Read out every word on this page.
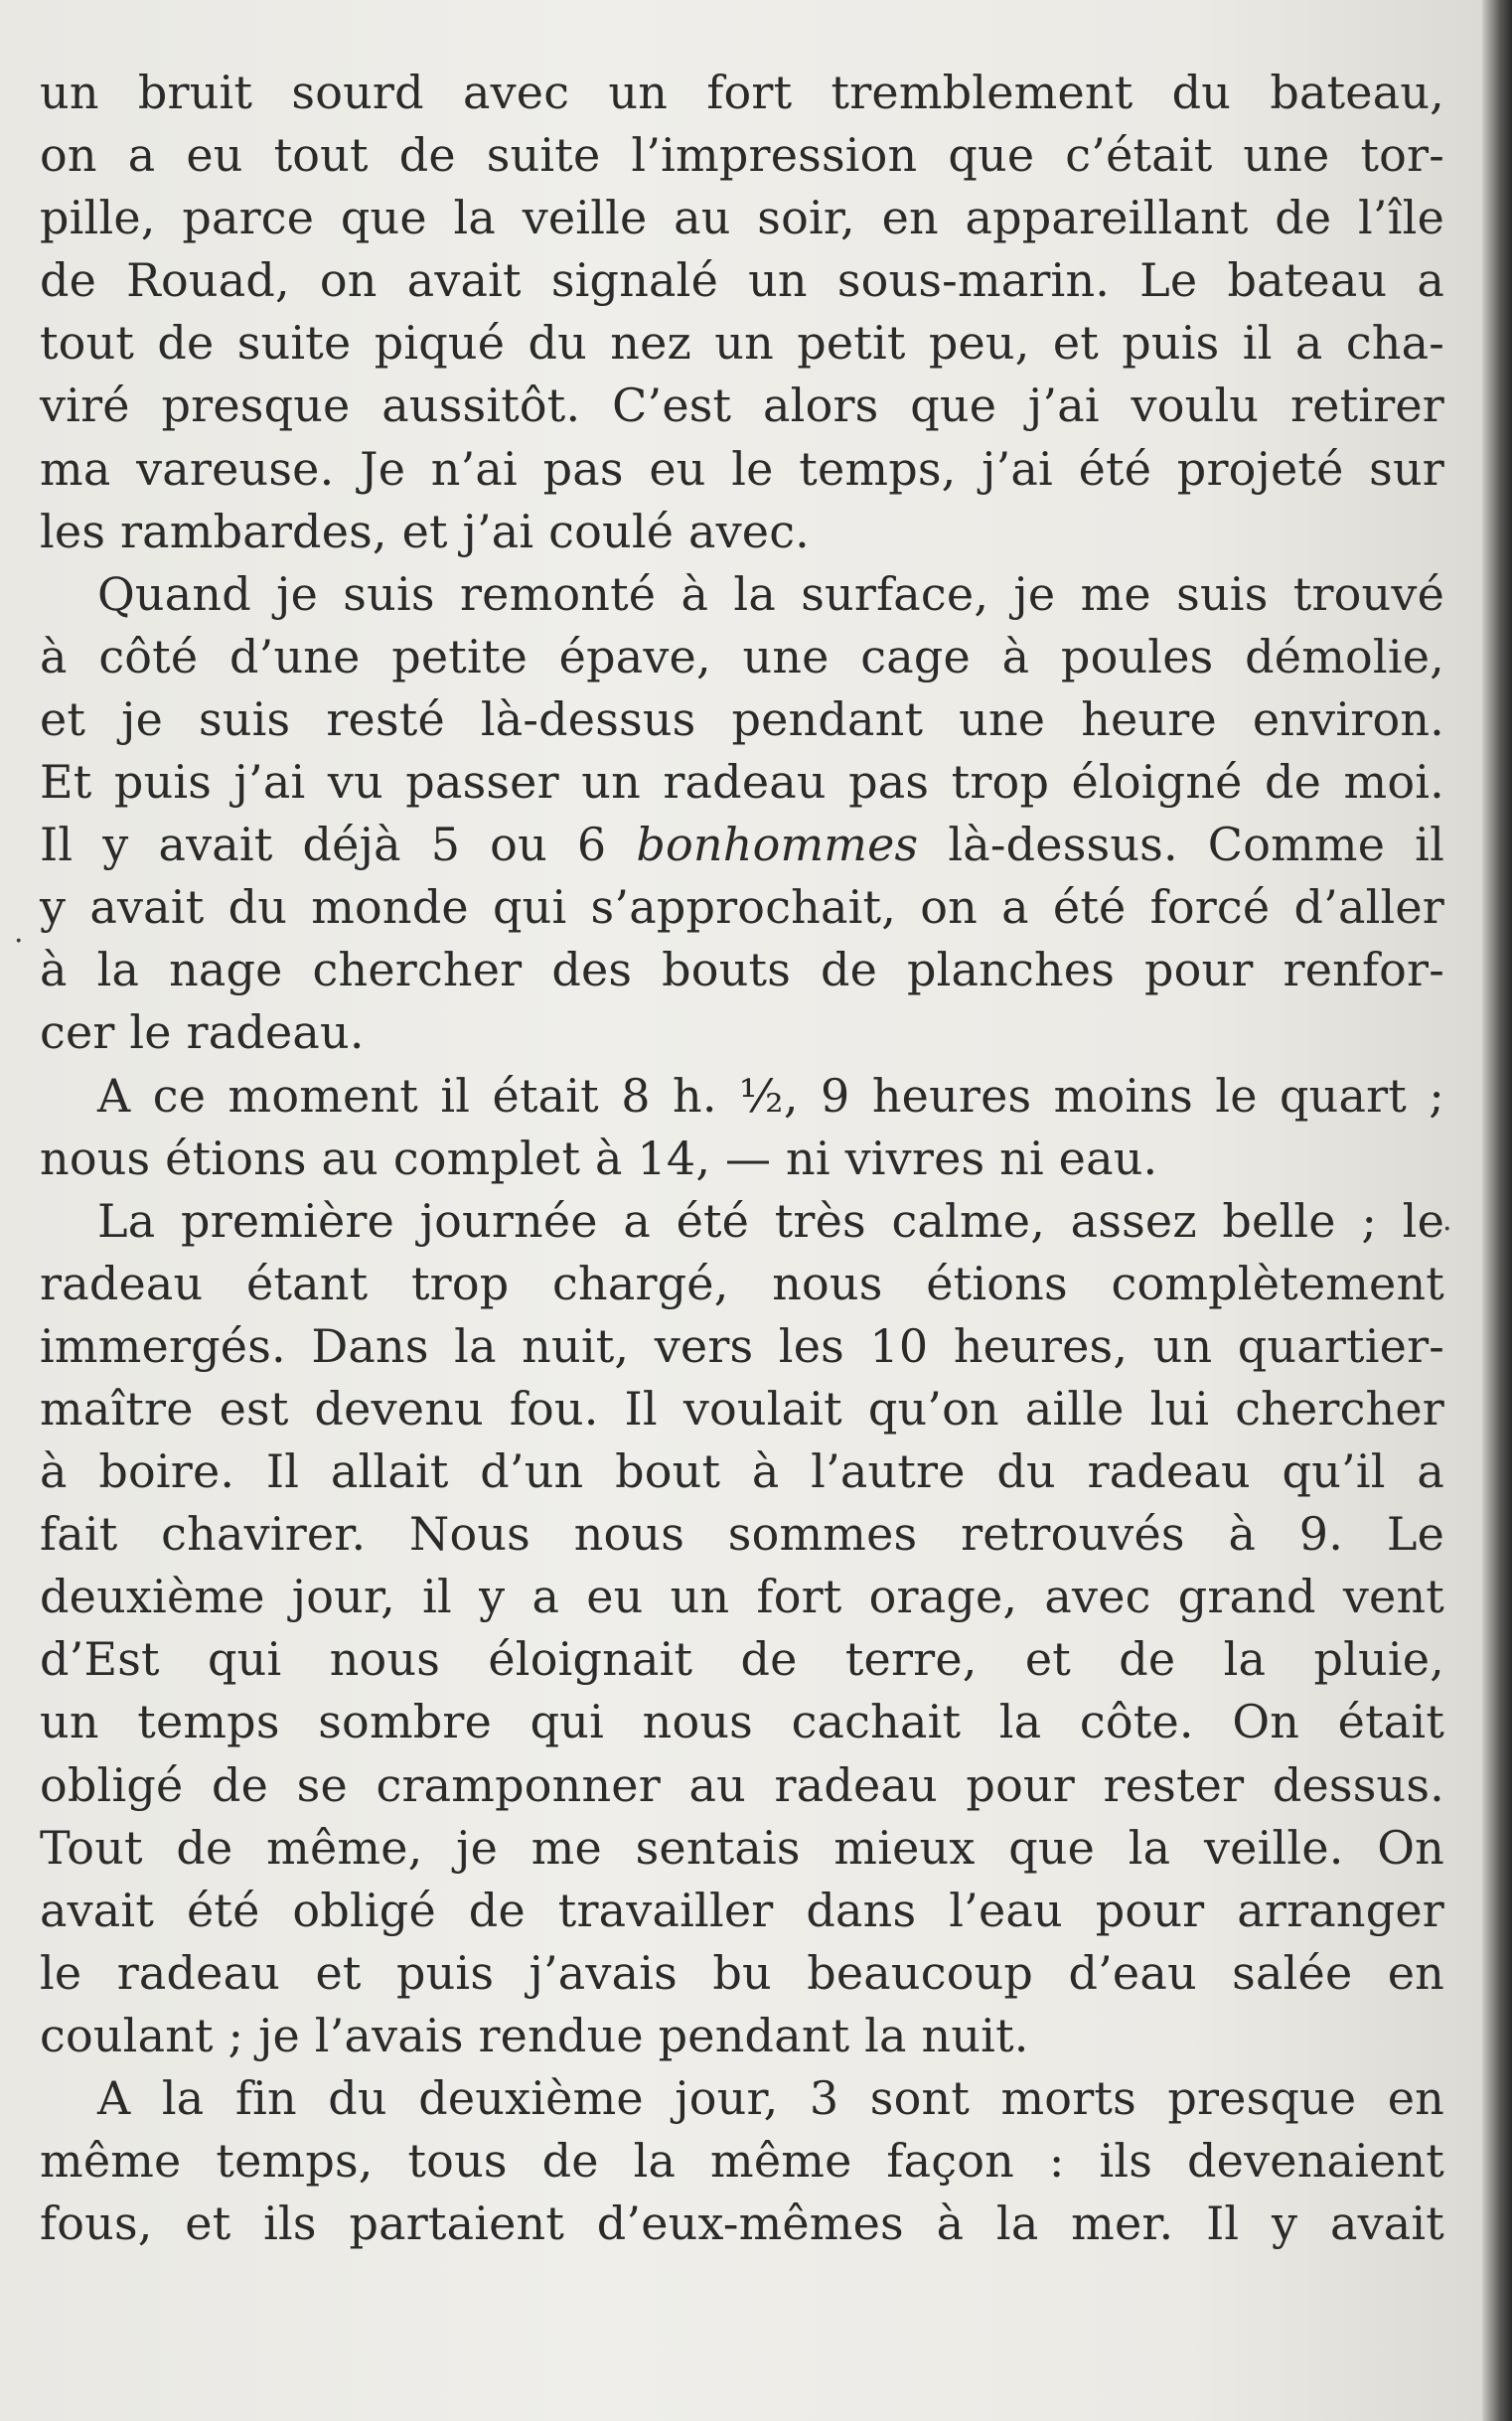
un bruit sourd avec un fort tremblement du bateau,
on a eu tout de suite l’impression que c’était une tor-
pille, parce que la veille au soir, en appareillant de l’île
de Rouad, on avait signalé un sous-marin. Le bateau a
tout de suite piqué du nez un petit peu, et puis il a cha-
viré presque aussitôt. C’est alors que j’ai voulu retirer
ma vareuse. Je n’ai pas eu le temps, j’ai été projeté sur
les rambardes, et j’ai coulé avec.
Quand je suis remonté à la surface, je me suis trouvé
à côté d’une petite épave, une cage à poules démolie,
et je suis resté là-dessus pendant une heure environ.
Et puis j’ai vu passer un radeau pas trop éloigné de moi.
Il y avait déjà 5 ou 6 bonhommes là-dessus. Comme il
y avait du monde qui s’approchait, on a été forcé d’aller
à la nage chercher des bouts de planches pour renfor-
cer le radeau.
A ce moment il était 8 h. ½, 9 heures moins le quart ;
nous étions au complet à 14, — ni vivres ni eau.
La première journée a été très calme, assez belle ; le
radeau étant trop chargé, nous étions complètement
immergés. Dans la nuit, vers les 10 heures, un quartier-
maître est devenu fou. Il voulait qu’on aille lui chercher
à boire. Il allait d’un bout à l’autre du radeau qu’il a
fait chavirer. Nous nous sommes retrouvés à 9. Le
deuxième jour, il y a eu un fort orage, avec grand vent
d’Est qui nous éloignait de terre, et de la pluie,
un temps sombre qui nous cachait la côte. On était
obligé de se cramponner au radeau pour rester dessus.
Tout de même, je me sentais mieux que la veille. On
avait été obligé de travailler dans l’eau pour arranger
le radeau et puis j’avais bu beaucoup d’eau salée en
coulant ; je l’avais rendue pendant la nuit.
A la fin du deuxième jour, 3 sont morts presque en
même temps, tous de la même façon : ils devenaient
fous, et ils partaient d’eux-mêmes à la mer. Il y avait
·
·
